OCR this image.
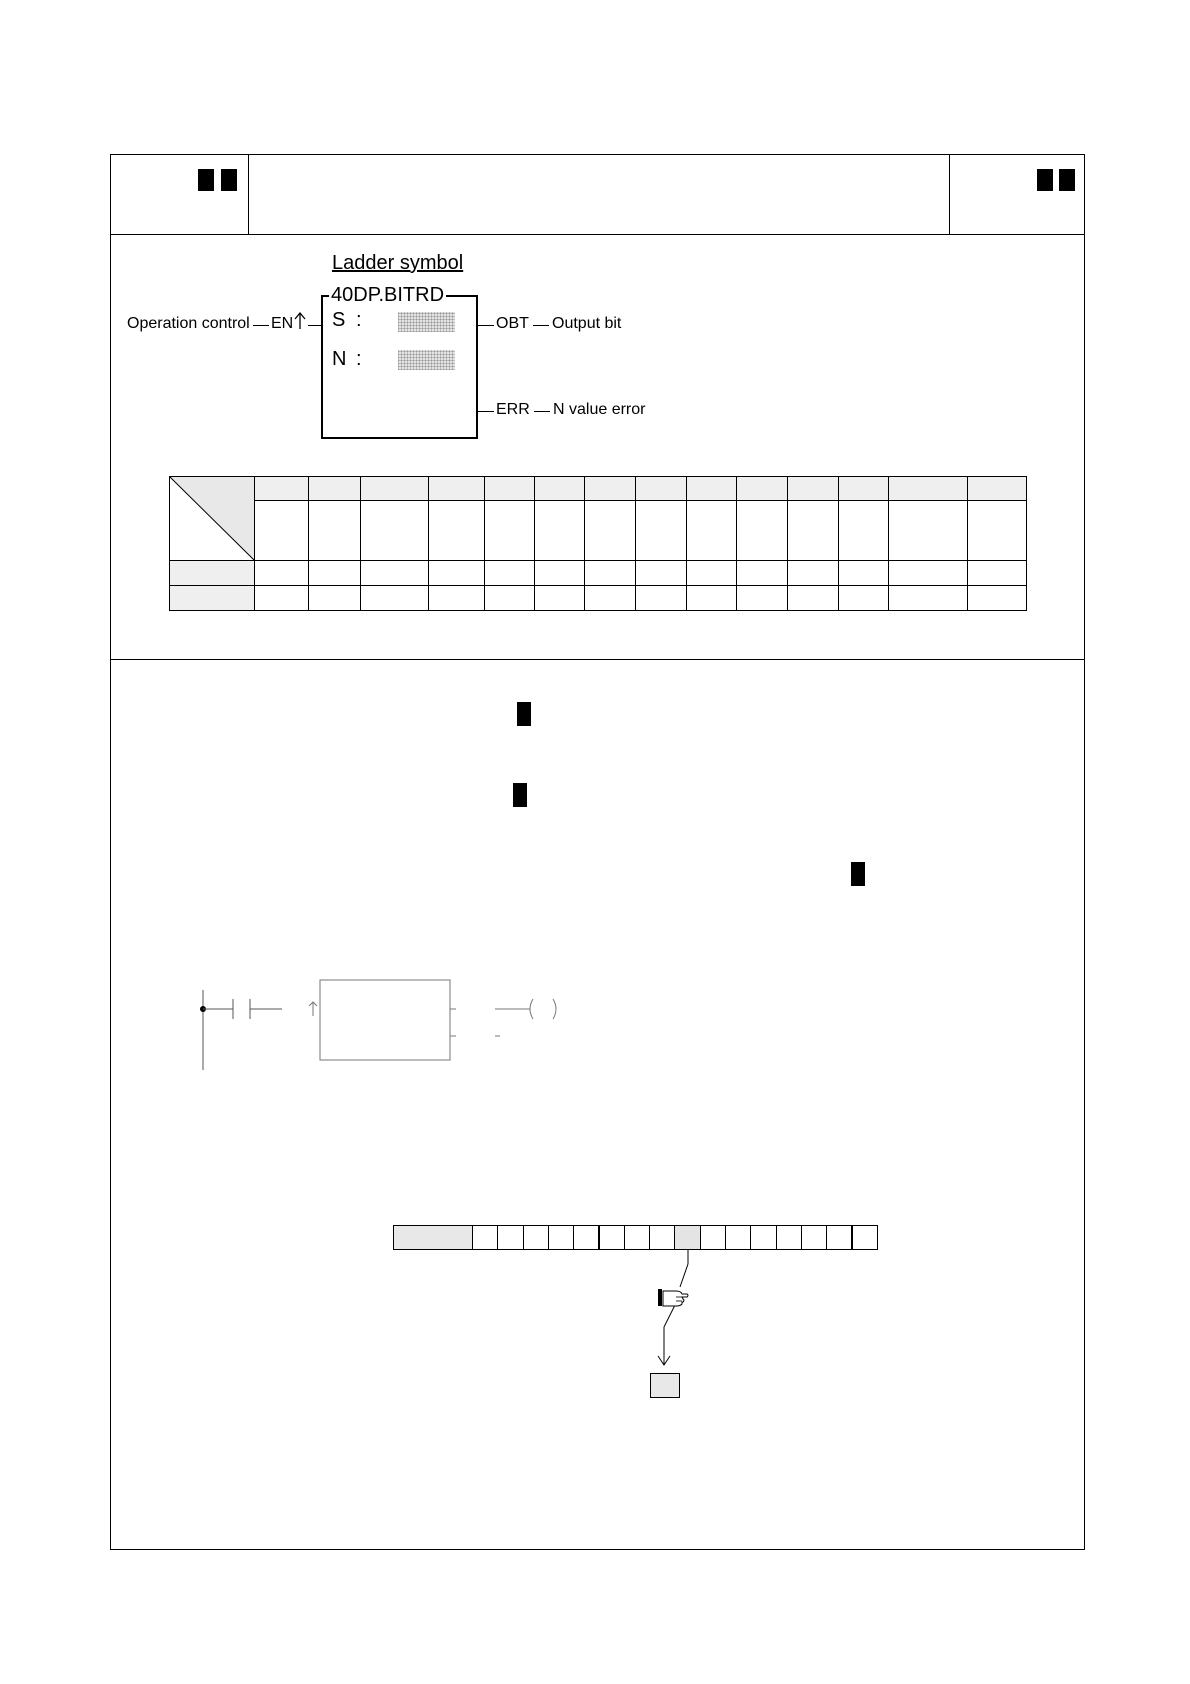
Ladder symbol
40DP.BITRD
Operation control EN S :
N :
OBT Output bit
ERR N value error
